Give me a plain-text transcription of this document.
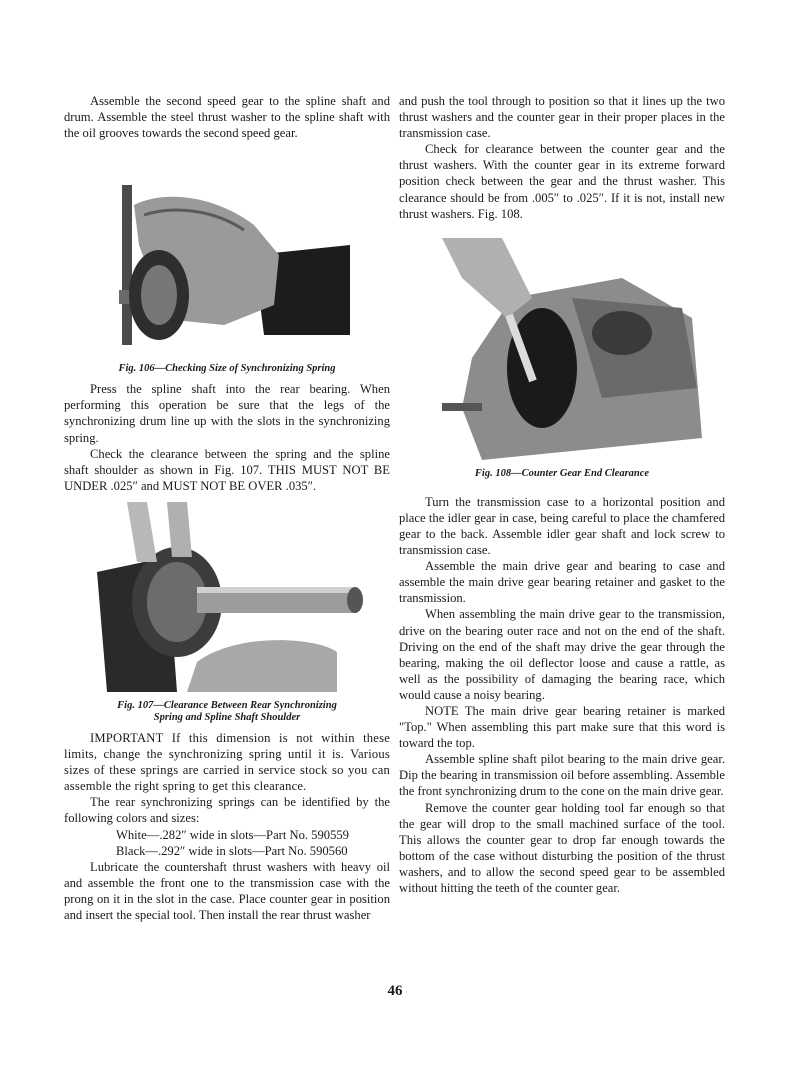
Assemble the second speed gear to the spline shaft and drum. Assemble the steel thrust washer to the spline shaft with the oil grooves towards the second speed gear.

Fig. 106—Checking Size of Synchronizing Spring

Press the spline shaft into the rear bearing. When performing this operation be sure that the legs of the synchronizing drum line up with the slots in the synchronizing spring.

Check the clearance between the spring and the spline shaft shoulder as shown in Fig. 107. THIS MUST NOT BE UNDER .025″ and MUST NOT BE OVER .035″.

Fig. 107—Clearance Between Rear Synchronizing

Spring and Spline Shaft Shoulder

IMPORTANT If this dimension is not within these limits, change the synchronizing spring until it is. Various sizes of these springs are carried in service stock so you can assemble the right spring to get this clearance.

The rear synchronizing springs can be identified by the following colors and sizes:

White—.282″ wide in slots—Part No. 590559

Black—.292″ wide in slots—Part No. 590560

Lubricate the countershaft thrust washers with heavy oil and assemble the front one to the transmission case with the prong on it in the slot in the case. Place counter gear in position and insert the special tool. Then install the rear thrust washer

and push the tool through to position so that it lines up the two thrust washers and the counter gear in their proper places in the transmission case.

Check for clearance between the counter gear and the thrust washers. With the counter gear in its extreme forward position check between the gear and the thrust washer. This clearance should be from .005″ to .025″. If it is not, install new thrust washers. Fig. 108.

Fig. 108—Counter Gear End Clearance

Turn the transmission case to a horizontal position and place the idler gear in case, being careful to place the chamfered gear to the back. Assemble idler gear shaft and lock screw to transmission case.

Assemble the main drive gear and bearing to case and assemble the main drive gear bearing retainer and gasket to the transmission.

When assembling the main drive gear to the transmission, drive on the bearing outer race and not on the end of the shaft. Driving on the end of the shaft may drive the gear through the bearing, making the oil deflector loose and cause a rattle, as well as the possibility of damaging the bearing race, which would cause a noisy bearing.

NOTE The main drive gear bearing retainer is marked "Top." When assembling this part make sure that this word is toward the top.

Assemble spline shaft pilot bearing to the main drive gear. Dip the bearing in transmission oil before assembling. Assemble the front synchronizing drum to the cone on the main drive gear.

Remove the counter gear holding tool far enough so that the gear will drop to the small machined surface of the tool. This allows the counter gear to drop far enough towards the bottom of the case without disturbing the position of the thrust washers, and to allow the second speed gear to be assembled without hitting the teeth of the counter gear.

46
